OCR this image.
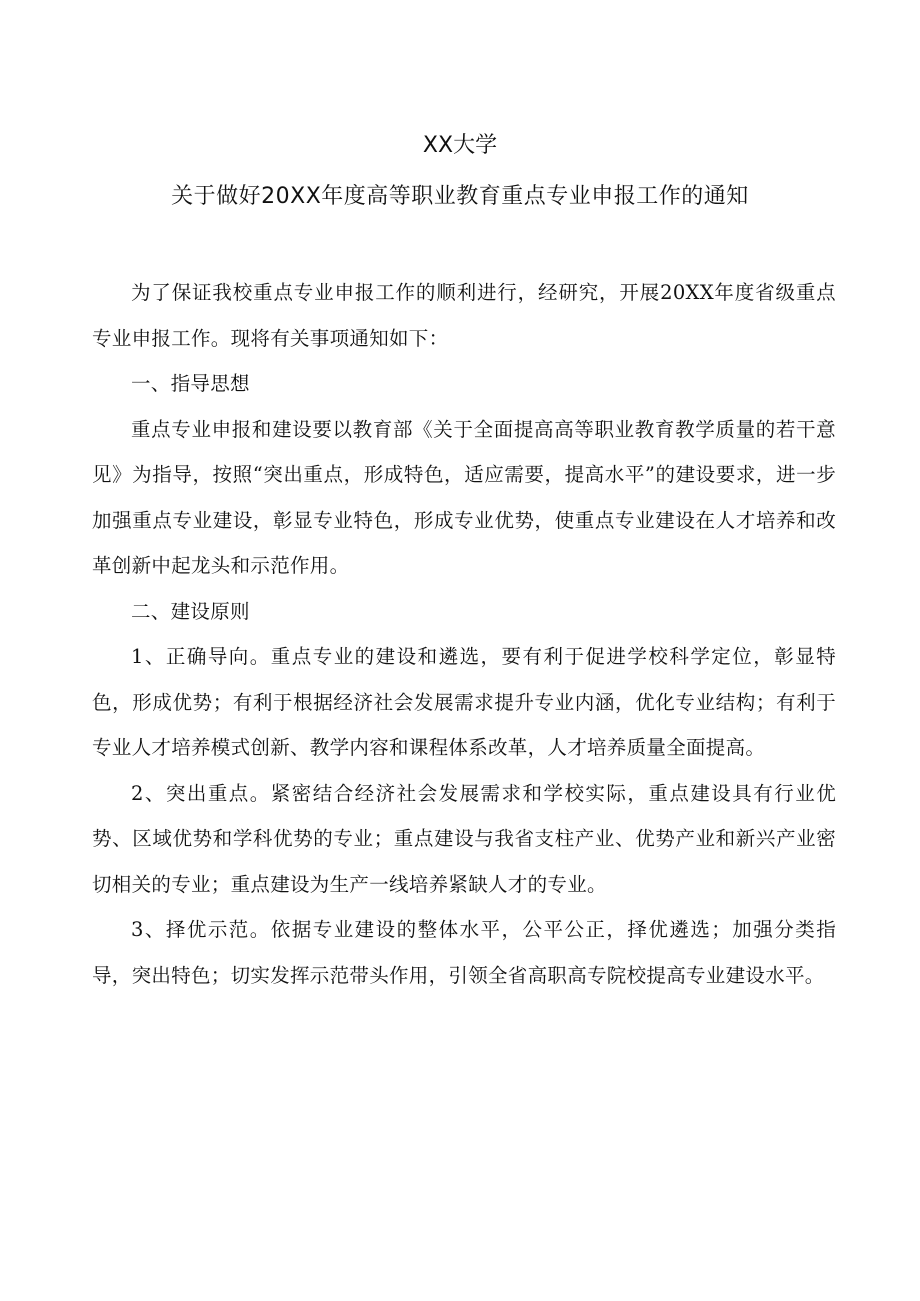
XX大学
关于做好20XX年度高等职业教育重点专业申报工作的通知

为了保证我校重点专业申报工作的顺利进行，经研究，开展20XX年度省级重点专业申报工作。现将有关事项通知如下：

一、指导思想

重点专业申报和建设要以教育部《关于全面提高高等职业教育教学质量的若干意见》为指导，按照“突出重点，形成特色，适应需要，提高水平”的建设要求，进一步加强重点专业建设，彰显专业特色，形成专业优势，使重点专业建设在人才培养和改革创新中起龙头和示范作用。

二、建设原则

1、正确导向。重点专业的建设和遴选，要有利于促进学校科学定位，彰显特色，形成优势；有利于根据经济社会发展需求提升专业内涵，优化专业结构；有利于专业人才培养模式创新、教学内容和课程体系改革，人才培养质量全面提高。

2、突出重点。紧密结合经济社会发展需求和学校实际，重点建设具有行业优势、区域优势和学科优势的专业；重点建设与我省支柱产业、优势产业和新兴产业密切相关的专业；重点建设为生产一线培养紧缺人才的专业。

3、择优示范。依据专业建设的整体水平，公平公正，择优遴选；加强分类指导，突出特色；切实发挥示范带头作用，引领全省高职高专院校提高专业建设水平。
